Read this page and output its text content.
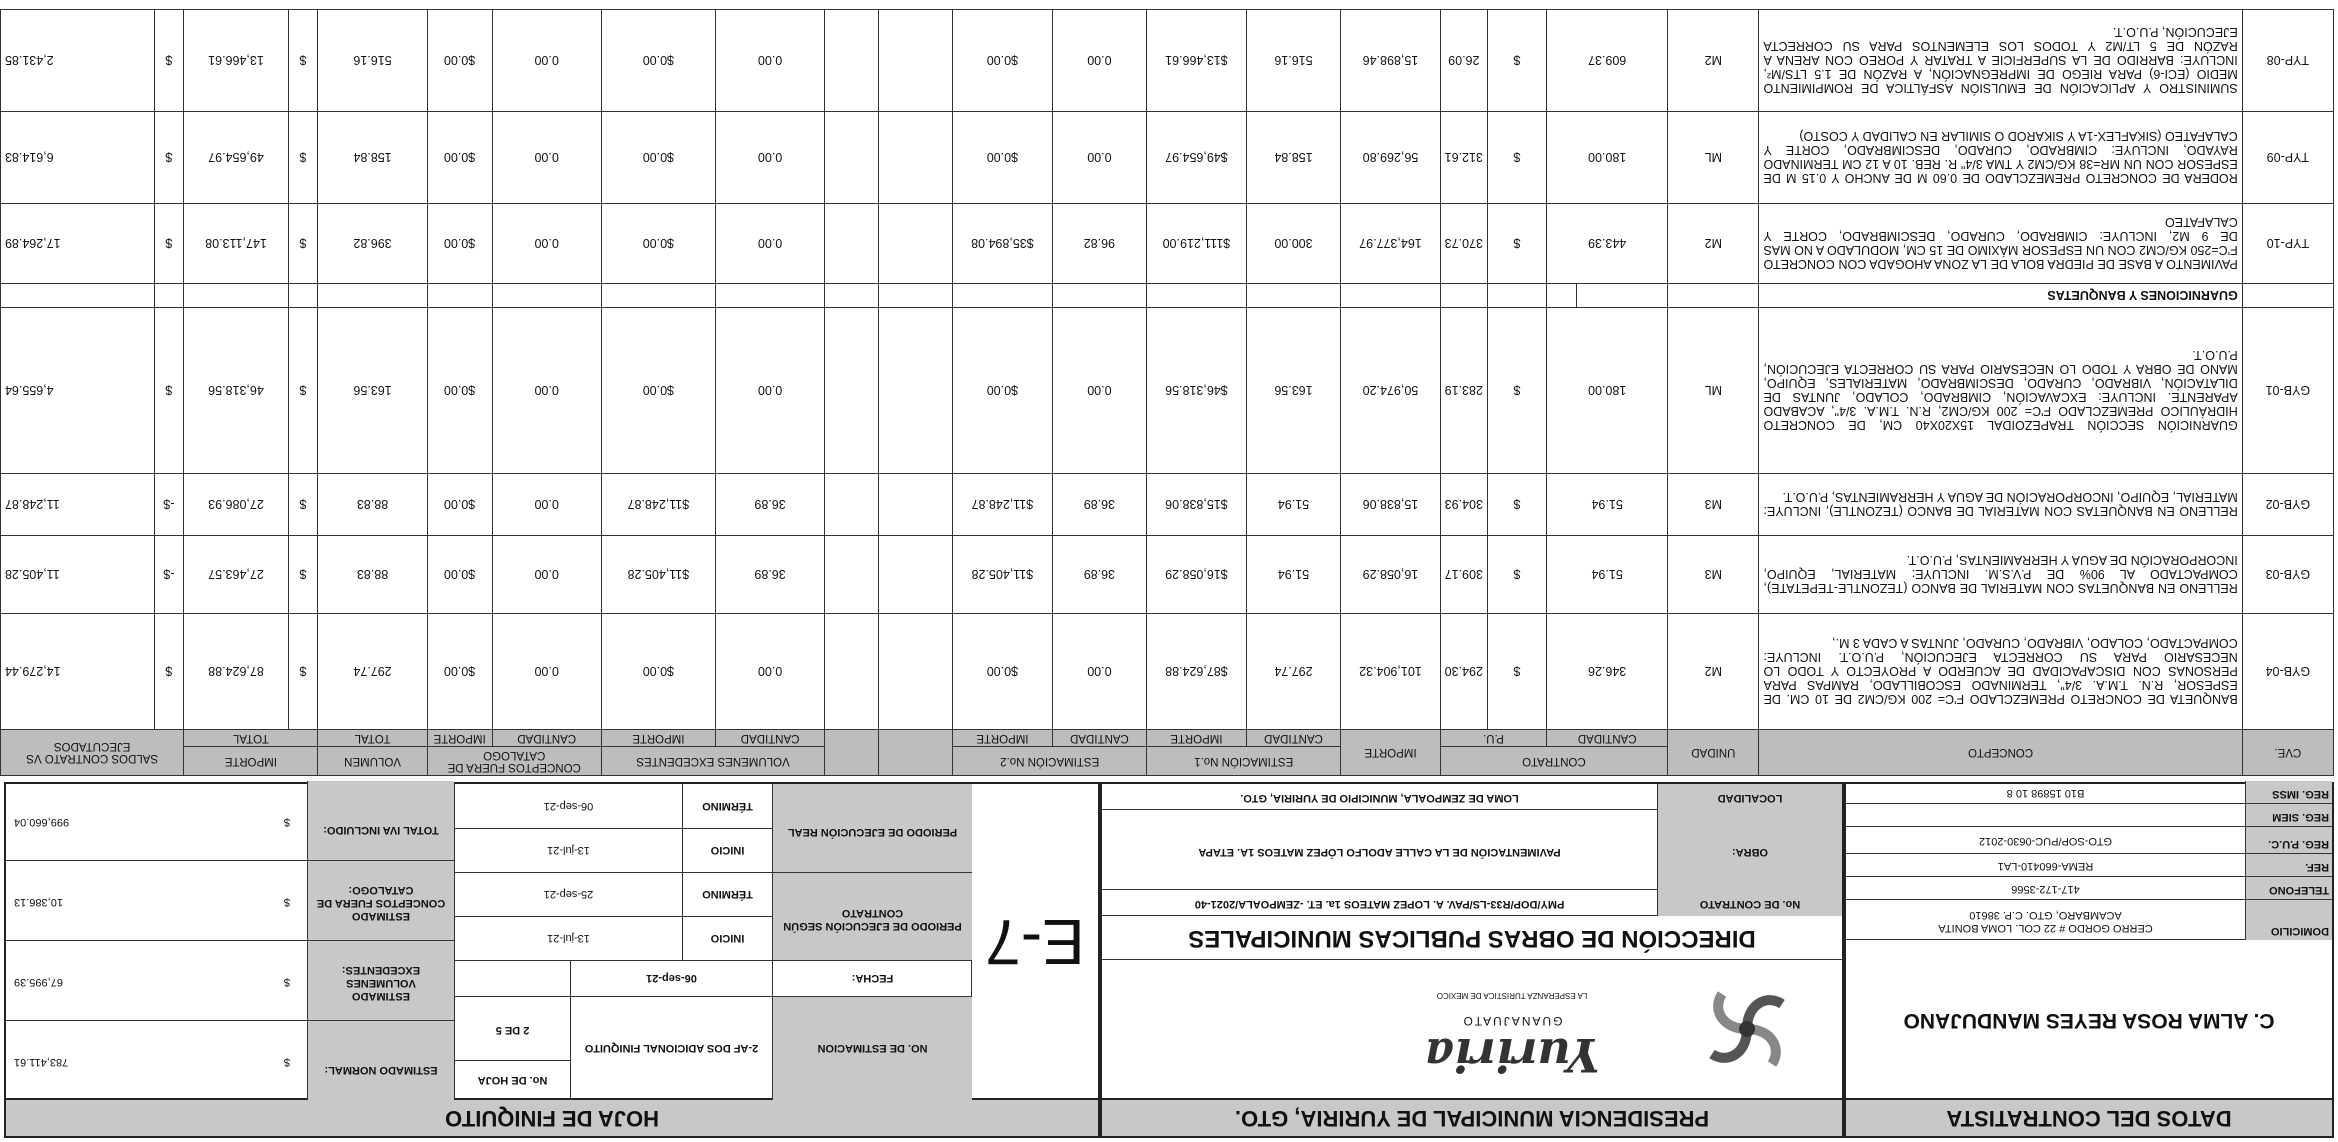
DATOS DEL CONTRATISTA
C. ALMA ROSA REYES MANDUJANO
DOMICILIO
CERRO GORDO # 22 COL. LOMA BONITA
ACAMBARO, GTO. C.P. 38610
TELEFONO
417-172-3566
REF.
REMA-660410-LA1
REG. P.U.C.
GTO-SOP/PUC-0630-2012
REG. SIEM
REG. IMSS
B10 15898 10 8
PRESIDENCIA MUNICIPAL DE YURIRIA, GTO.
Yuriria
GUANAJUATO
LA ESPERANZA TURISTICA DE MEXICO
DIRECCIÓN DE OBRAS PUBLICAS MUNICIPALES
No. DE CONTRATO
PMY/DOP/R33-LS/PAV. A. LOPEZ MATEOS 1a. ET. -ZEMPOALA/2021-40
OBRA:
PAVIMENTACIÓN DE LA CALLE ADOLFO LÓPEZ MATEOS 1A. ETAPA
LOCALIDAD
LOMA DE ZEMPOALA, MUNICIPIO DE YURIRIA, GTO.
HOJA DE FINIQUITO
E-7
NO. DE ESTIMACION
2-AF DOS ADICIONAL FINIQUITO
No. DE HOJA
2 DE 5
FECHA:
06-sep-21
PERIODO DE EJECUCIÓN SEGÚN CONTRATO
INICIO
13-jul-21
TÉRMINO
25-sep-21
PERIODO DE EJECUCIÓN REAL
INICIO
13-jul-21
TÉRMINO
06-sep-21
ESTIMADO NORMAL:
$
783,411.61
ESTIMADO VOLUMENES EXCEDENTES:
$
67,995.39
ESTIMADO CONCEPTOS FUERA DE CATALOGO:
$
10,386.13
TOTAL IVA INCLUIDO:
$
999,660.04
CVE.	CONCEPTO	UNIDAD	CONTRATO				IMPORTE	ESTIMACIÓN No.1		ESTIMACIÓN No.2				VOLUMENES EXCEDENTES		CONCEPTOS FUERA DE CATALOGO		VOLUMEN	IMPORTE		SALDOS CONTRATO VS EJECUTADOS	
			CANTIDAD		P.U.			CANTIDAD	IMPORTE	CANTIDAD	IMPORTE			CANTIDAD	IMPORTE	CANTIDAD	IMPORTE	TOTAL	TOTAL			
GYB-04	BANQUETA DE CONCRETO PREMEZCLADO F'C= 200 KG/CM2 DE 10 CM. DE ESPESOR, R.N. T.M.A. 3/4", TERMINADO ESCOBILLADO, RAMPAS PARA PERSONAS CON DISCAPACIDAD DE ACUERDO A PROYECTO Y TODO LO NECESARIO PARA SU CORRECTA EJECUCIÓN, P.U.O.T. INCLUYE: COMPACTADO, COLADO, VIBRADO, CURADO, JUNTAS A CADA 3 M.,	M2	346.26		$	294.30	101,904.32	297.74	$87,624.88	0.00	$0.00			0.00	$0.00	0.00	$0.00	297.74	$	87,624.88	$	14,279.44
GYB-03	RELLENO EN BANQUETAS CON MATERIAL DE BANCO (TEZONTLE-TEPETATE), COMPACTADO AL 90% DE P.V.S.M. INCLUYE: MATERIAL, EQUIPO, INCORPORACIÓN DE AGUA Y HERRAMIENTAS, P.U.O.T.	M3	51.94		$	309.17	16,058.29	51.94	$16,058.29	36.89	$11,405.28			36.89	$11,405.28	0.00	$0.00	88.83	$	27,463.57	-$	11,405.28
GYB-02	RELLENO EN BANQUETAS CON MATERIAL DE BANCO (TEZONTLE), INCLUYE: MATERIAL, EQUIPO, INCORPORACIÓN DE AGUA Y HERRAMIENTAS, P.U.O.T.	M3	51.94		$	304.93	15,838.06	51.94	$15,838.06	36.89	$11,248.87			36.89	$11,248.87	0.00	$0.00	88.83	$	27,086.93	-$	11,248.87
GYB-01	GUARNICIÓN SECCIÓN TRAPEZOIDAL 15X20X40 CM, DE CONCRETO HIDRÁULICO PREMEZCLADO F'C= 200 KG/CM2, R.N. T.M.A. 3/4", ACABADO APARENTE. INCLUYE: EXCAVACIÓN, CIMBRADO, COLADO, JUNTAS DE DILATACIÓN, VIBRADO, CURADO, DESCIMBRADO, MATERIALES, EQUIPO, MANO DE OBRA Y TODO LO NECESARIO PARA SU CORRECTA EJECUCIÓN, P.U.O.T.	ML	180.00		$	283.19	50,974.20	163.56	$46,318.56	0.00	$0.00			0.00	$0.00	0.00	$0.00	163.56	$	46,318.56	$	4,655.64
	GUARNICIONES Y BANQUETAS																					
TYP-10	PAVIMENTO A BASE DE PIEDRA BOLA DE LA ZONA AHOGADA CON CONCRETO F'C=250 KG/CM2 CON UN ESPESOR MÁXIMO DE 15 CM, MODULADO A NO MAS DE 9 M2, INCLUYE: CIMBRADO, CURADO, DESCIMBRADO, CORTE Y CALAFATEO	M2	443.39		$	370.73	164,377.97	300.00	$111,219.00	96.82	$35,894.08			0.00	$0.00	0.00	$0.00	396.82	$	147,113.08	$	17,264.89
TYP-09	RODERA DE CONCRETO PREMEZCLADO DE 0.60 M DE ANCHO Y 0.15 M DE ESPESOR CON UN MR=38 KG/CM2 Y TMA 3/4" R. REB. 10 A 12 CM TERMINADO RAYADO, INCLUYE: CIMBRADO, CURADO, DESCIMBRADO, CORTE Y CALAFATEO (SIKAFLEX-1A Y SIKAROD O SIMILAR EN CALIDAD Y COSTO)	ML	180.00		$	312.61	56,269.80	158.84	$49,654.97	0.00	$0.00			0.00	$0.00	0.00	$0.00	158.84	$	49,654.97	$	6,614.83
TYP-08	SUMINISTRO Y APLICACIÓN DE EMULSIÓN ASFÁLTICA DE ROMPIMIENTO MEDIO (ECI-6) PARA RIEGO DE IMPREGNACIÓN, A RAZÓN DE 1.5 LTS/M², INCLUYE: BARRIDO DE LA SUPERFICIE A TRATAR Y POREO CON ARENA A RAZÓN DE 5 LT/M2 Y TODOS LOS ELEMENTOS PARA SU CORRECTA EJECUCIÓN, P.U.O.T.	M2	609.37		$	26.09	15,898.46	516.16	$13,466.61	0.00	$0.00			0.00	$0.00	0.00	$0.00	516.16	$	13,466.61	$	2,431.85
